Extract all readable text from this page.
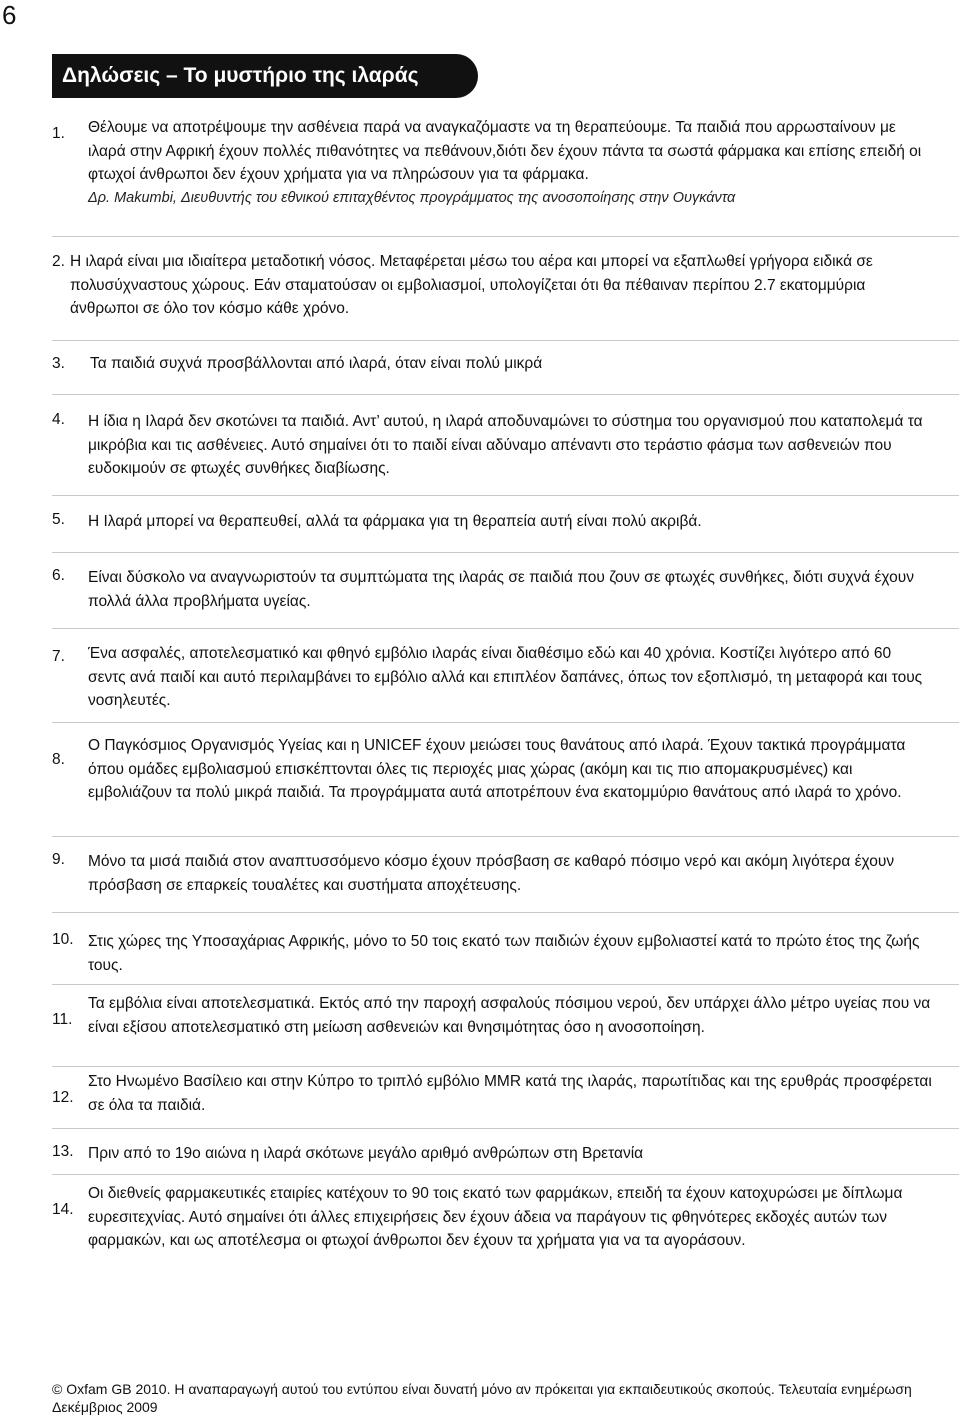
6
Δηλώσεις – Το μυστήριο της ιλαράς
1. Θέλουμε να αποτρέψουμε την ασθένεια παρά να αναγκαζόμαστε να τη θεραπεύουμε. Τα παιδιά που αρρωσταίνουν με ιλαρά στην Αφρική έχουν πολλές πιθανότητες να πεθάνουν,διότι δεν έχουν πάντα τα σωστά φάρμακα και επίσης επειδή οι φτωχοί άνθρωποι δεν έχουν χρήματα για να πληρώσουν για τα φάρμακα.
Δρ. Makumbi, Διευθυντής του εθνικού επιταχθέντος προγράμματος της ανοσοποίησης στην Ουγκάντα
2. Η ιλαρά είναι μια ιδιαίτερα μεταδοτική νόσος. Μεταφέρεται μέσω του αέρα και μπορεί να εξαπλωθεί γρήγορα ειδικά σε πολυσύχναστους χώρους. Εάν σταματούσαν οι εμβολιασμοί, υπολογίζεται ότι θα πέθαιναν περίπου 2.7 εκατομμύρια άνθρωποι σε όλο τον κόσμο κάθε χρόνο.
3. Τα παιδιά συχνά προσβάλλονται από ιλαρά, όταν είναι πολύ μικρά
4. Η ίδια η Ιλαρά δεν σκοτώνει τα παιδιά. Αντ’ αυτού, η ιλαρά αποδυναμώνει το σύστημα του οργανισμού που καταπολεμά τα μικρόβια και τις ασθένειες. Αυτό σημαίνει ότι το παιδί είναι αδύναμο απέναντι στο τεράστιο φάσμα των ασθενειών που ευδοκιμούν σε φτωχές συνθήκες διαβίωσης.
5. Η Ιλαρά μπορεί να θεραπευθεί, αλλά τα φάρμακα για τη θεραπεία αυτή είναι πολύ ακριβά.
6. Είναι δύσκολο να αναγνωριστούν τα συμπτώματα της ιλαράς σε παιδιά που ζουν σε φτωχές συνθήκες, διότι συχνά έχουν πολλά άλλα προβλήματα υγείας.
7. Ένα ασφαλές, αποτελεσματικό και φθηνό εμβόλιο ιλαράς είναι διαθέσιμο εδώ και 40 χρόνια. Κοστίζει λιγότερο από 60 σεντς ανά παιδί και αυτό περιλαμβάνει το εμβόλιο αλλά και επιπλέον δαπάνες, όπως τον εξοπλισμό, τη μεταφορά και τους νοσηλευτές.
8.
Ο Παγκόσμιος Οργανισμός Υγείας και η UNICEF έχουν μειώσει τους θανάτους από ιλαρά. Έχουν τακτικά προγράμματα όπου ομάδες εμβολιασμού επισκέπτονται όλες τις περιοχές μιας χώρας (ακόμη και τις πιο απομακρυσμένες) και εμβολιάζουν τα πολύ μικρά παιδιά. Τα προγράμματα αυτά αποτρέπουν ένα εκατομμύριο θανάτους από ιλαρά το χρόνο.
9. Μόνο τα μισά παιδιά στον αναπτυσσόμενο κόσμο έχουν πρόσβαση σε καθαρό πόσιμο νερό και ακόμη λιγότερα έχουν πρόσβαση σε επαρκείς τουαλέτες και συστήματα αποχέτευσης.
10. Στις χώρες της Υποσαχάριας Αφρικής, μόνο το 50 τοις εκατό των παιδιών έχουν εμβολιαστεί κατά το πρώτο έτος της ζωής τους.
11.
Τα εμβόλια είναι αποτελεσματικά. Εκτός από την παροχή ασφαλούς πόσιμου νερού, δεν υπάρχει άλλο μέτρο υγείας που να είναι εξίσου αποτελεσματικό στη μείωση ασθενειών και θνησιμότητας όσο η ανοσοποίηση.
12.
Στο Ηνωμένο Βασίλειο και στην Κύπρο το τριπλό εμβόλιο MMR κατά της ιλαράς, παρωτίτιδας και της ερυθράς προσφέρεται σε όλα τα παιδιά.
13. Πριν από το 19ο αιώνα η ιλαρά σκότωνε μεγάλο αριθμό ανθρώπων στη Βρετανία
14.
Οι διεθνείς φαρμακευτικές εταιρίες κατέχουν το 90 τοις εκατό των φαρμάκων, επειδή τα έχουν κατοχυρώσει με δίπλωμα ευρεσιτεχνίας. Αυτό σημαίνει ότι άλλες επιχειρήσεις δεν έχουν άδεια να παράγουν τις φθηνότερες εκδοχές αυτών των φαρμακών, και ως αποτέλεσμα οι φτωχοί άνθρωποι δεν έχουν τα χρήματα για να τα αγοράσουν.
© Oxfam GB 2010. Η αναπαραγωγή αυτού του εντύπου είναι δυνατή μόνο αν πρόκειται για εκπαιδευτικούς σκοπούς. Τελευταία ενημέρωση Δεκέμβριος 2009
